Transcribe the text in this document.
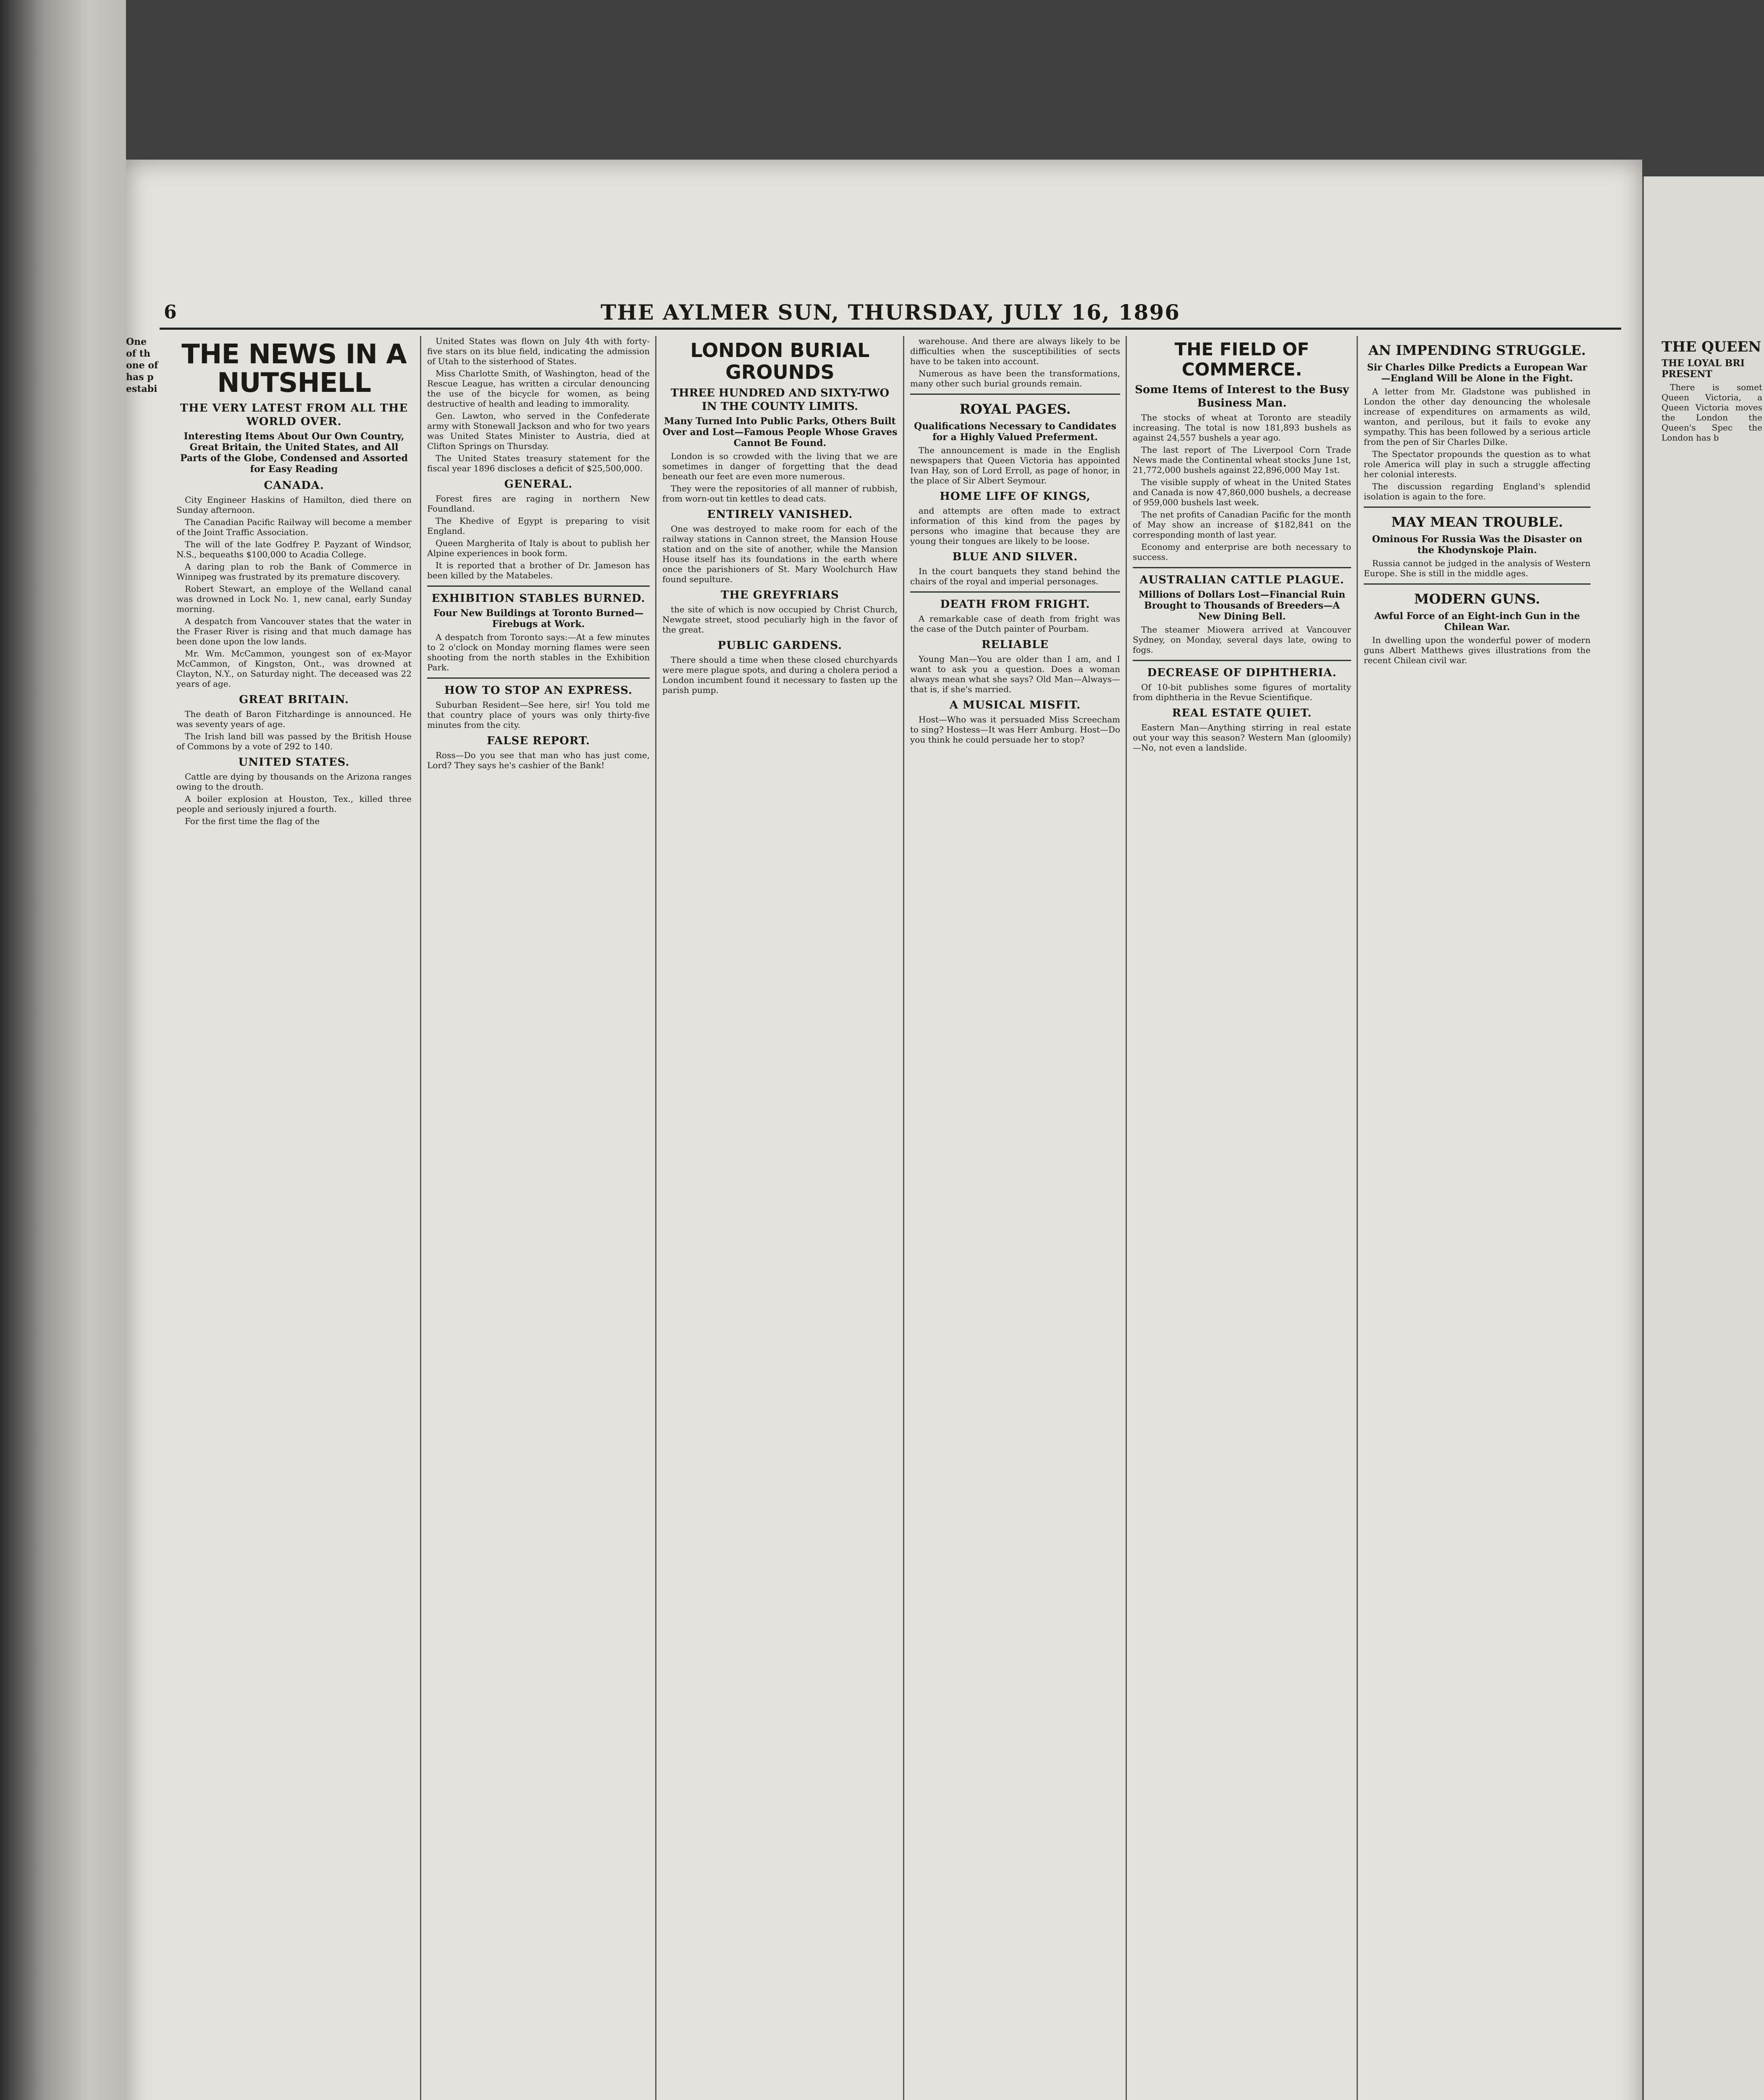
6	THE AYLMER SUN, THURSDAY, JULY 16, 1896
One
of th
one of
has p
estabi
THE NEWS IN A NUTSHELL
THE VERY LATEST FROM ALL THE WORLD OVER.
Interesting Items About Our Own Country, Great Britain, the United States, and All Parts of the Globe, Condensed and Assorted for Easy Reading
CANADA.

City Engineer Haskins of Hamilton, died there on Sunday afternoon.

The Canadian Pacific Railway will become a member of the Joint Traffic Association.

The will of the late Godfrey P. Payzant of Windsor, N.S., bequeaths $100,000 to Acadia College.

A daring plan to rob the Bank of Commerce in Winnipeg was frustrated by its premature discovery.

Robert Stewart, an employe of the Welland canal was drowned in Lock No. 1, new canal, early Sunday morning.

A despatch from Vancouver states that the water in the Fraser River is rising and that much damage has been done upon the low lands.

Mr. Wm. McCammon, youngest son of ex-Mayor McCammon, of Kingston, Ont., was drowned at Clayton, N.Y., on Saturday night. The deceased was 22 years of age.

GREAT BRITAIN.

The death of Baron Fitzhardinge is announced. He was seventy years of age.

The Irish land bill was passed by the British House of Commons by a vote of 292 to 140.

UNITED STATES.

Cattle are dying by thousands on the Arizona ranges owing to the drouth.

A boiler explosion at Houston, Tex., killed three people and seriously injured a fourth.

For the first time the flag of the

United States was flown on July 4th with forty-five stars on its blue field, indicating the admission of Utah to the sisterhood of States.

Miss Charlotte Smith, of Washington, head of the Rescue League, has written a circular denouncing the use of the bicycle for women, as being destructive of health and leading to immorality.

Gen. Lawton, who served in the Confederate army with Stonewall Jackson and who for two years was United States Minister to Austria, died at Clifton Springs on Thursday.

The United States treasury statement for the fiscal year 1896 discloses a deficit of $25,500,000.

GENERAL.

Forest fires are raging in northern New Foundland.

The Khedive of Egypt is preparing to visit England.

Queen Margherita of Italy is about to publish her Alpine experiences in book form.

It is reported that a brother of Dr. Jameson has been killed by the Matabeles.

EXHIBITION STABLES BURNED.
Four New Buildings at Toronto Burned—Firebugs at Work.

A despatch from Toronto says:—At a few minutes to 2 o'clock on Monday morning flames were seen shooting from the north stables in the Exhibition Park.

HOW TO STOP AN EXPRESS.

Suburban Resident—See here, sir! You told me that country place of yours was only thirty-five minutes from the city.

FALSE REPORT.

Ross—Do you see that man who has just come, Lord? They says he's cashier of the Bank!

LONDON BURIAL GROUNDS
THREE HUNDRED AND SIXTY-TWO IN THE COUNTY LIMITS.
Many Turned Into Public Parks, Others Built Over and Lost—Famous People Whose Graves Cannot Be Found.

London is so crowded with the living that we are sometimes in danger of forgetting that the dead beneath our feet are even more numerous.

They were the repositories of all manner of rubbish, from worn-out tin kettles to dead cats.

ENTIRELY VANISHED.

One was destroyed to make room for each of the railway stations in Cannon street, the Mansion House station and on the site of another, while the Mansion House itself has its foundations in the earth where once the parishioners of St. Mary Woolchurch Haw found sepulture.

THE GREYFRIARS

the site of which is now occupied by Christ Church, Newgate street, stood peculiarly high in the favor of the great.

PUBLIC GARDENS.

There should a time when these closed churchyards were mere plague spots, and during a cholera period a London incumbent found it necessary to fasten up the parish pump.

warehouse. And there are always likely to be difficulties when the susceptibilities of sects have to be taken into account.

Numerous as have been the transformations, many other such burial grounds remain.

ROYAL PAGES.
Qualifications Necessary to Candidates for a Highly Valued Preferment.

The announcement is made in the English newspapers that Queen Victoria has appointed Ivan Hay, son of Lord Erroll, as page of honor, in the place of Sir Albert Seymour.

HOME LIFE OF KINGS,

and attempts are often made to extract information of this kind from the pages by persons who imagine that because they are young their tongues are likely to be loose.

BLUE AND SILVER.

In the court banquets they stand behind the chairs of the royal and imperial personages.

DEATH FROM FRIGHT.

A remarkable case of death from fright was the case of the Dutch painter of Pourbam.

RELIABLE

Young Man—You are older than I am, and I want to ask you a question. Does a woman always mean what she says? Old Man—Always—that is, if she's married.

A MUSICAL MISFIT.

Host—Who was it persuaded Miss Screecham to sing? Hostess—It was Herr Amburg. Host—Do you think he could persuade her to stop?

THE FIELD OF COMMERCE.
Some Items of Interest to the Busy Business Man.

The stocks of wheat at Toronto are steadily increasing. The total is now 181,893 bushels as against 24,557 bushels a year ago.

The last report of The Liverpool Corn Trade News made the Continental wheat stocks June 1st, 21,772,000 bushels against 22,896,000 May 1st.

The visible supply of wheat in the United States and Canada is now 47,860,000 bushels, a decrease of 959,000 bushels last week.

The net profits of Canadian Pacific for the month of May show an increase of $182,841 on the corresponding month of last year.

Economy and enterprise are both necessary to success.

AUSTRALIAN CATTLE PLAGUE.
Millions of Dollars Lost—Financial Ruin Brought to Thousands of Breeders—A New Dining Bell.

The steamer Miowera arrived at Vancouver Sydney, on Monday, several days late, owing to fogs.

DECREASE OF DIPHTHERIA.

Of 10-bit publishes some figures of mortality from diphtheria in the Revue Scientifique.

REAL ESTATE QUIET.

Eastern Man—Anything stirring in real estate out your way this season? Western Man (gloomily)—No, not even a landslide.

AN IMPENDING STRUGGLE.
Sir Charles Dilke Predicts a European War—England Will be Alone in the Fight.

A letter from Mr. Gladstone was published in London the other day denouncing the wholesale increase of expenditures on armaments as wild, wanton, and perilous, but it fails to evoke any sympathy. This has been followed by a serious article from the pen of Sir Charles Dilke.

The Spectator propounds the question as to what role America will play in such a struggle affecting her colonial interests.

The discussion regarding England's splendid isolation is again to the fore.

MAY MEAN TROUBLE.
Ominous For Russia Was the Disaster on the Khodynskoje Plain.

Russia cannot be judged in the analysis of Western Europe. She is still in the middle ages.

MODERN GUNS.
Awful Force of an Eight-inch Gun in the Chilean War.

In dwelling upon the wonderful power of modern guns Albert Matthews gives illustrations from the recent Chilean civil war.

THE QUEEN
THE LOYAL BRI PRESENT

There is somet Queen Victoria, a Queen Victoria moves the London the Queen's Spec the London has b
